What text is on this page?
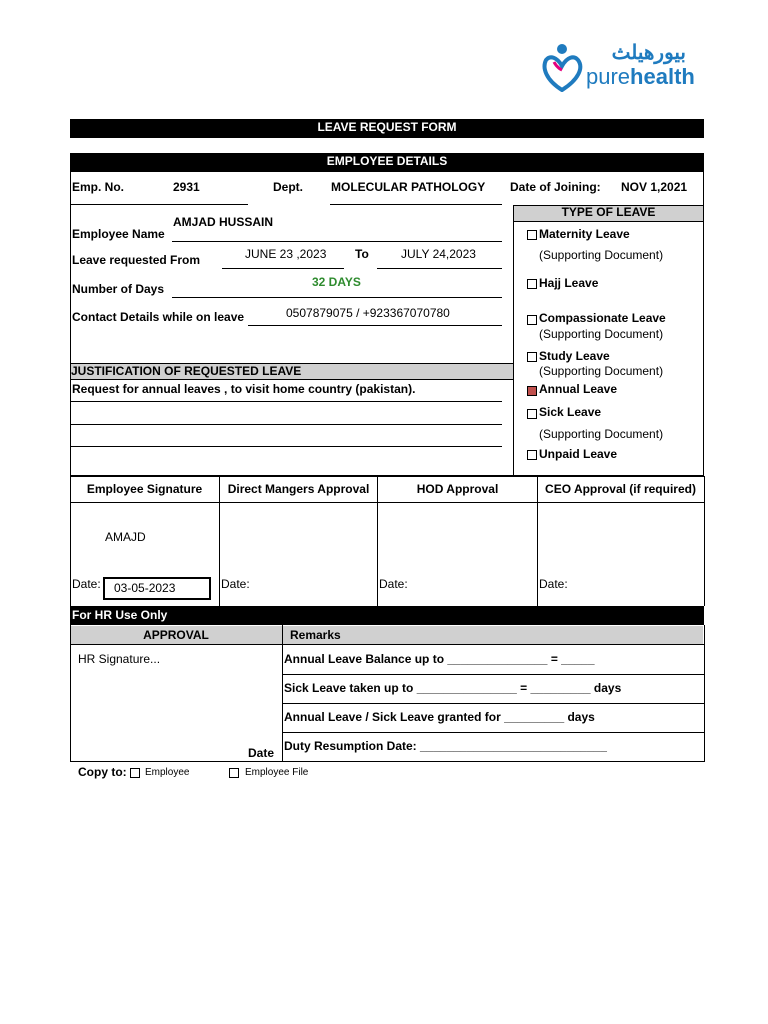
بيورهيلث
purehealth
LEAVE REQUEST FORM
EMPLOYEE DETAILS
Emp. No.	2931	Dept. MOLECULAR PATHOLOGY Date of Joining: NOV 1,2021
TYPE OF LEAVE
AMJAD HUSSAIN
Employee Name
Leave requested From	JUNE 23 ,2023 To	JULY 24,2023
Number of Days	32 DAYS
Contact Details while on leave	0507879075 / +923367070780
JUSTIFICATION OF REQUESTED LEAVE
Request for annual leaves , to visit home country (pakistan).
Maternity Leave
(Supporting Document)
Hajj Leave
Compassionate Leave
(Supporting Document)
Study Leave
(Supporting Document)
Annual Leave
Sick Leave
(Supporting Document)
Unpaid Leave
Employee Signature	Direct Mangers Approval	HOD Approval	CEO Approval (if required)
AMAJD
Date: 03-05-2023	Date:	Date:	Date:
For HR Use Only
APPROVAL	Remarks
HR Signature...
Date
Annual Leave Balance up to _______________ = _____
Sick Leave taken up to _______________ = _________ days
Annual Leave / Sick Leave granted for _________ days
Duty Resumption Date: ____________________________
Copy to: Employee	Employee File
